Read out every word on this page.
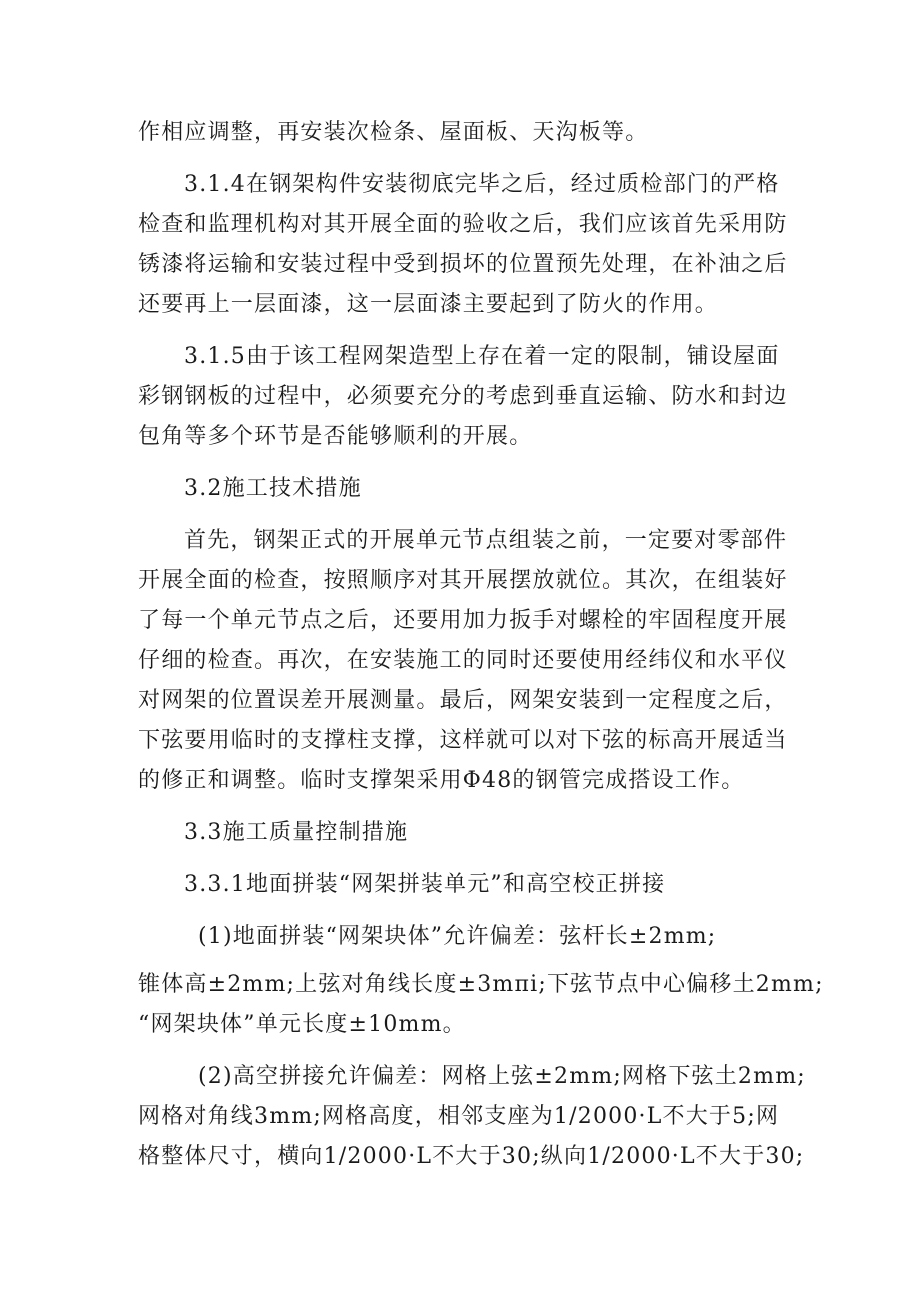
作相应调整，再安装次检条、屋面板、天沟板等。
3.1.4在钢架构件安装彻底完毕之后，经过质检部门的严格
检查和监理机构对其开展全面的验收之后，我们应该首先采用防
锈漆将运输和安装过程中受到损坏的位置预先处理，在补油之后
还要再上一层面漆，这一层面漆主要起到了防火的作用。
3.1.5由于该工程网架造型上存在着一定的限制，铺设屋面
彩钢钢板的过程中，必须要充分的考虑到垂直运输、防水和封边
包角等多个环节是否能够顺利的开展。
3.2施工技术措施
首先，钢架正式的开展单元节点组装之前，一定要对零部件
开展全面的检查，按照顺序对其开展摆放就位。其次，在组装好
了每一个单元节点之后，还要用加力扳手对螺栓的牢固程度开展
仔细的检查。再次，在安装施工的同时还要使用经纬仪和水平仪
对网架的位置误差开展测量。最后，网架安装到一定程度之后，
下弦要用临时的支撑柱支撑，这样就可以对下弦的标高开展适当
的修正和调整。临时支撑架采用Φ48的钢管完成搭设工作。
3.3施工质量控制措施
3.3.1地面拼装“网架拼装单元”和高空校正拼接
(1)地面拼装“网架块体”允许偏差：弦杆长±2mm;
锥体高±2mm;上弦对角线长度±3mπi;下弦节点中心偏移土2mm;
“网架块体”单元长度±10mm。
(2)高空拼接允许偏差：网格上弦±2mm;网格下弦土2mm;
网格对角线3mm;网格高度，相邻支座为1/2000·L不大于5;网
格整体尺寸，横向1/2000·L不大于30;纵向1/2000·L不大于30;
